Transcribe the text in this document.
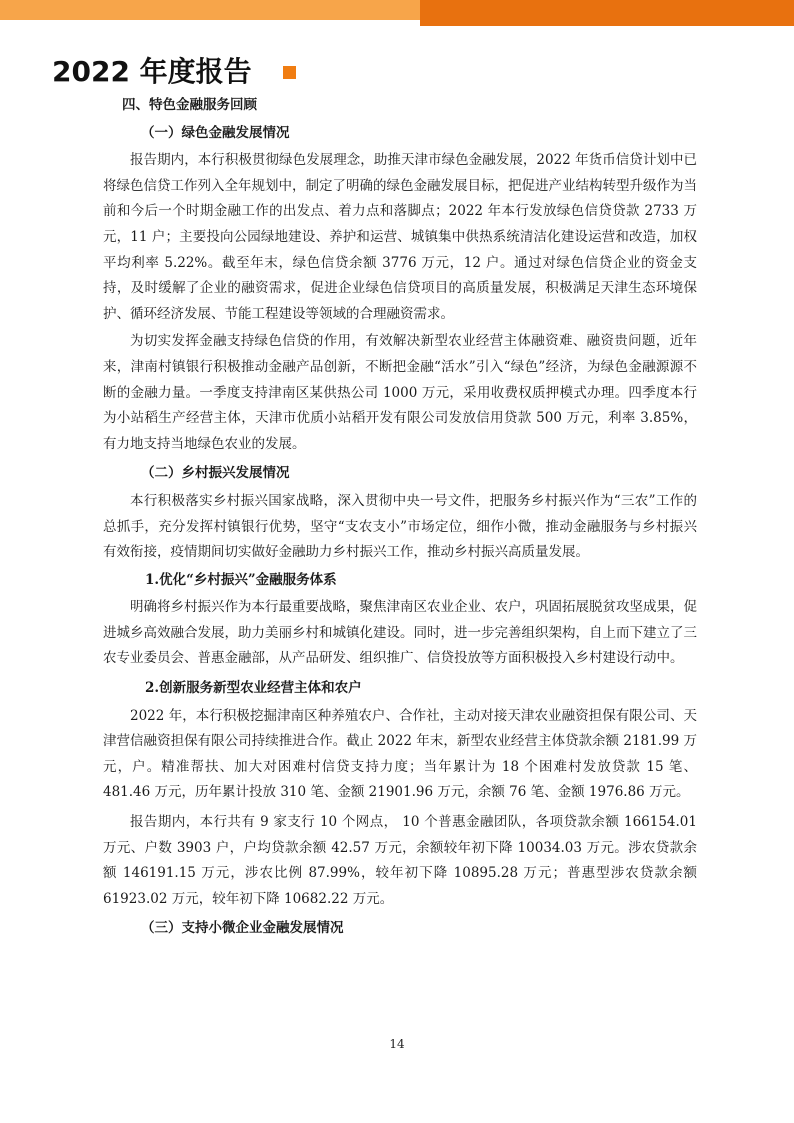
2022 年度报告
四、特色金融服务回顾
（一）绿色金融发展情况

报告期内，本行积极贯彻绿色发展理念，助推天津市绿色金融发展，2022 年货币信贷计划中已将绿色信贷工作列入全年规划中，制定了明确的绿色金融发展目标，把促进产业结构转型升级作为当前和今后一个时期金融工作的出发点、着力点和落脚点；2022 年本行发放绿色信贷贷款 2733 万元，11 户；主要投向公园绿地建设、养护和运营、城镇集中供热系统清洁化建设运营和改造，加权平均利率 5.22%。截至年末，绿色信贷余额 3776 万元，12 户。通过对绿色信贷企业的资金支持，及时缓解了企业的融资需求，促进企业绿色信贷项目的高质量发展，积极满足天津生态环境保护、循环经济发展、节能工程建设等领域的合理融资需求。

为切实发挥金融支持绿色信贷的作用，有效解决新型农业经营主体融资难、融资贵问题，近年来，津南村镇银行积极推动金融产品创新，不断把金融“活水”引入“绿色”经济，为绿色金融源源不断的金融力量。一季度支持津南区某供热公司 1000 万元，采用收费权质押模式办理。四季度本行为小站稻生产经营主体，天津市优质小站稻开发有限公司发放信用贷款 500 万元，利率 3.85%，有力地支持当地绿色农业的发展。

（二）乡村振兴发展情况

本行积极落实乡村振兴国家战略，深入贯彻中央一号文件，把服务乡村振兴作为“三农”工作的总抓手，充分发挥村镇银行优势，坚守“支农支小”市场定位，细作小微，推动金融服务与乡村振兴有效衔接，疫情期间切实做好金融助力乡村振兴工作，推动乡村振兴高质量发展。

1.优化“乡村振兴”金融服务体系

明确将乡村振兴作为本行最重要战略，聚焦津南区农业企业、农户，巩固拓展脱贫攻坚成果，促进城乡高效融合发展，助力美丽乡村和城镇化建设。同时，进一步完善组织架构，自上而下建立了三农专业委员会、普惠金融部，从产品研发、组织推广、信贷投放等方面积极投入乡村建设行动中。

2.创新服务新型农业经营主体和农户

2022 年，本行积极挖掘津南区种养殖农户、合作社，主动对接天津农业融资担保有限公司、天津营信融资担保有限公司持续推进合作。截止 2022 年末，新型农业经营主体贷款余额 2181.99 万元，户。精准帮扶、加大对困难村信贷支持力度；当年累计为 18 个困难村发放贷款 15 笔、481.46 万元，历年累计投放 310 笔、金额 21901.96 万元，余额 76 笔、金额 1976.86 万元。

报告期内，本行共有 9 家支行 10 个网点， 10 个普惠金融团队，各项贷款余额 166154.01 万元、户数 3903 户，户均贷款余额 42.57 万元，余额较年初下降 10034.03 万元。涉农贷款余额 146191.15 万元，涉农比例 87.99%，较年初下降 10895.28 万元；普惠型涉农贷款余额 61923.02 万元，较年初下降 10682.22 万元。

（三）支持小微企业金融发展情况
14
